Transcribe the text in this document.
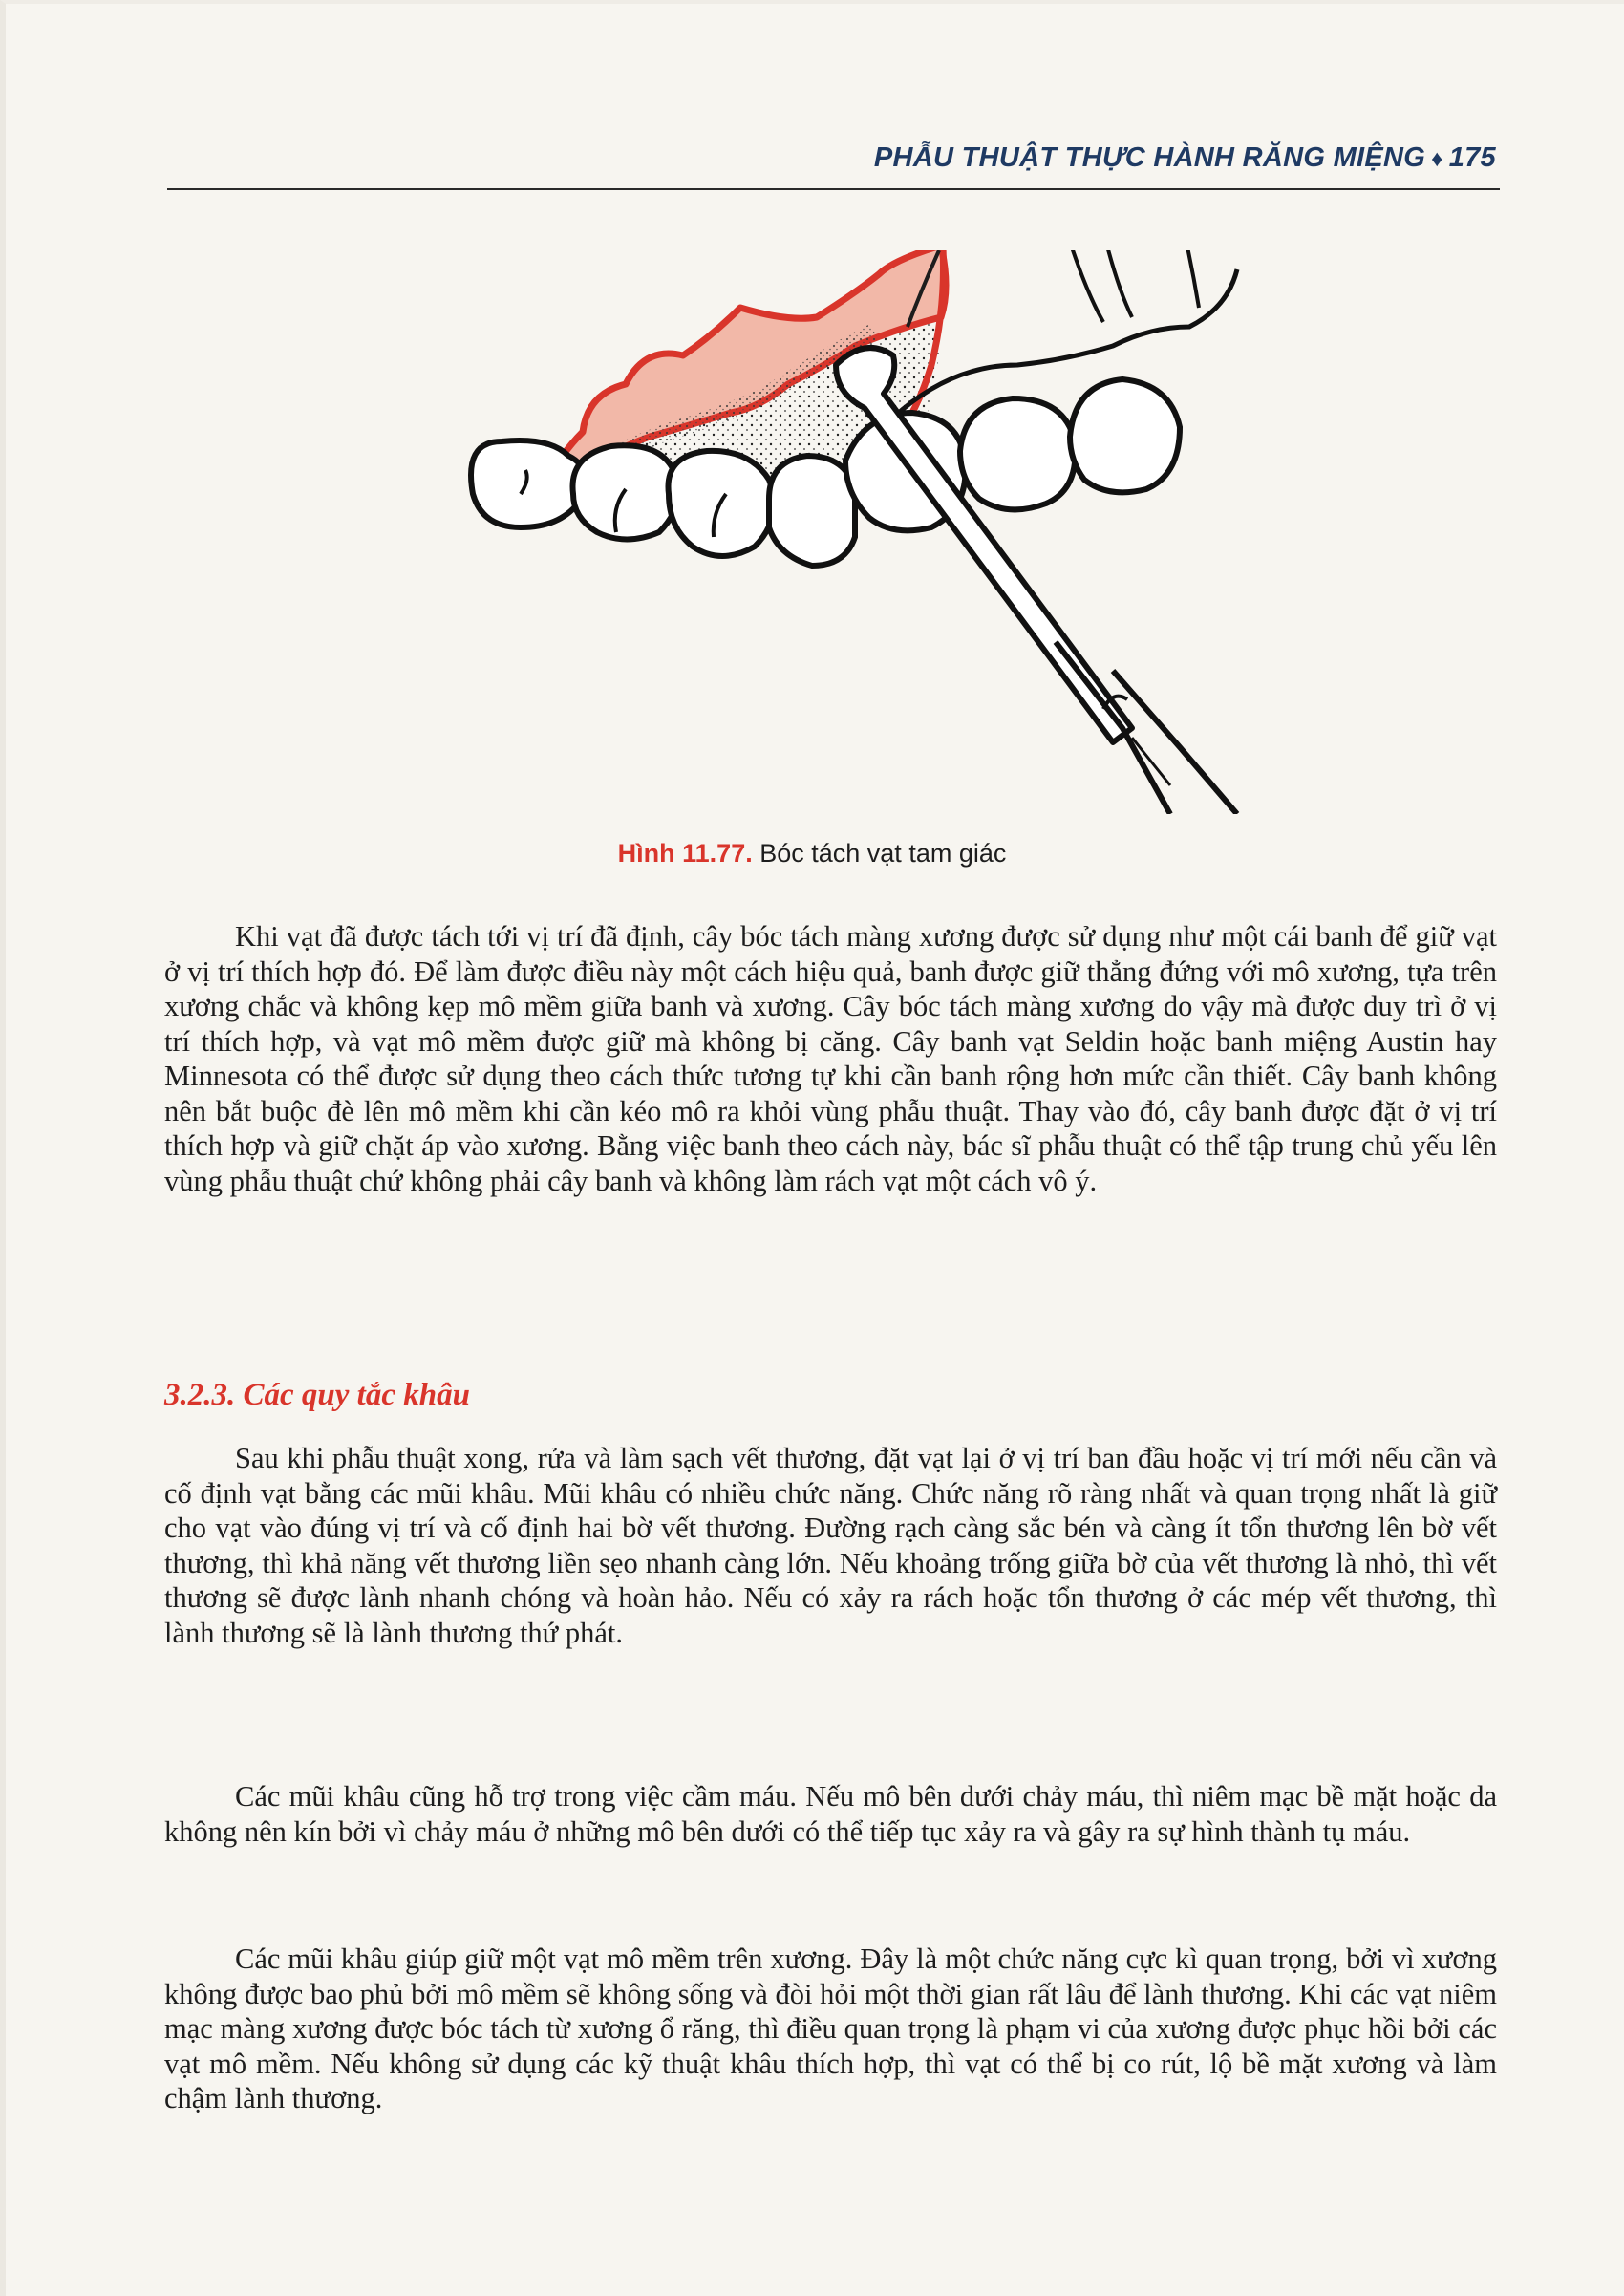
PHẪU THUẬT THỰC HÀNH RĂNG MIỆNG ♦ 175
Hình 11.77. Bóc tách vạt tam giác

Khi vạt đã được tách tới vị trí đã định, cây bóc tách màng xương được sử dụng như một cái banh để giữ vạt ở vị trí thích hợp đó. Để làm được điều này một cách hiệu quả, banh được giữ thẳng đứng với mô xương, tựa trên xương chắc và không kẹp mô mềm giữa banh và xương. Cây bóc tách màng xương do vậy mà được duy trì ở vị trí thích hợp, và vạt mô mềm được giữ mà không bị căng. Cây banh vạt Seldin hoặc banh miệng Austin hay Minnesota có thể được sử dụng theo cách thức tương tự khi cần banh rộng hơn mức cần thiết. Cây banh không nên bắt buộc đè lên mô mềm khi cần kéo mô ra khỏi vùng phẫu thuật. Thay vào đó, cây banh được đặt ở vị trí thích hợp và giữ chặt áp vào xương. Bằng việc banh theo cách này, bác sĩ phẫu thuật có thể tập trung chủ yếu lên vùng phẫu thuật chứ không phải cây banh và không làm rách vạt một cách vô ý.

3.2.3. Các quy tắc khâu

Sau khi phẫu thuật xong, rửa và làm sạch vết thương, đặt vạt lại ở vị trí ban đầu hoặc vị trí mới nếu cần và cố định vạt bằng các mũi khâu. Mũi khâu có nhiều chức năng. Chức năng rõ ràng nhất và quan trọng nhất là giữ cho vạt vào đúng vị trí và cố định hai bờ vết thương. Đường rạch càng sắc bén và càng ít tổn thương lên bờ vết thương, thì khả năng vết thương liền sẹo nhanh càng lớn. Nếu khoảng trống giữa bờ của vết thương là nhỏ, thì vết thương sẽ được lành nhanh chóng và hoàn hảo. Nếu có xảy ra rách hoặc tổn thương ở các mép vết thương, thì lành thương sẽ là lành thương thứ phát.

Các mũi khâu cũng hỗ trợ trong việc cầm máu. Nếu mô bên dưới chảy máu, thì niêm mạc bề mặt hoặc da không nên kín bởi vì chảy máu ở những mô bên dưới có thể tiếp tục xảy ra và gây ra sự hình thành tụ máu.

Các mũi khâu giúp giữ một vạt mô mềm trên xương. Đây là một chức năng cực kì quan trọng, bởi vì xương không được bao phủ bởi mô mềm sẽ không sống và đòi hỏi một thời gian rất lâu để lành thương. Khi các vạt niêm mạc màng xương được bóc tách từ xương ổ răng, thì điều quan trọng là phạm vi của xương được phục hồi bởi các vạt mô mềm. Nếu không sử dụng các kỹ thuật khâu thích hợp, thì vạt có thể bị co rút, lộ bề mặt xương và làm chậm lành thương.
